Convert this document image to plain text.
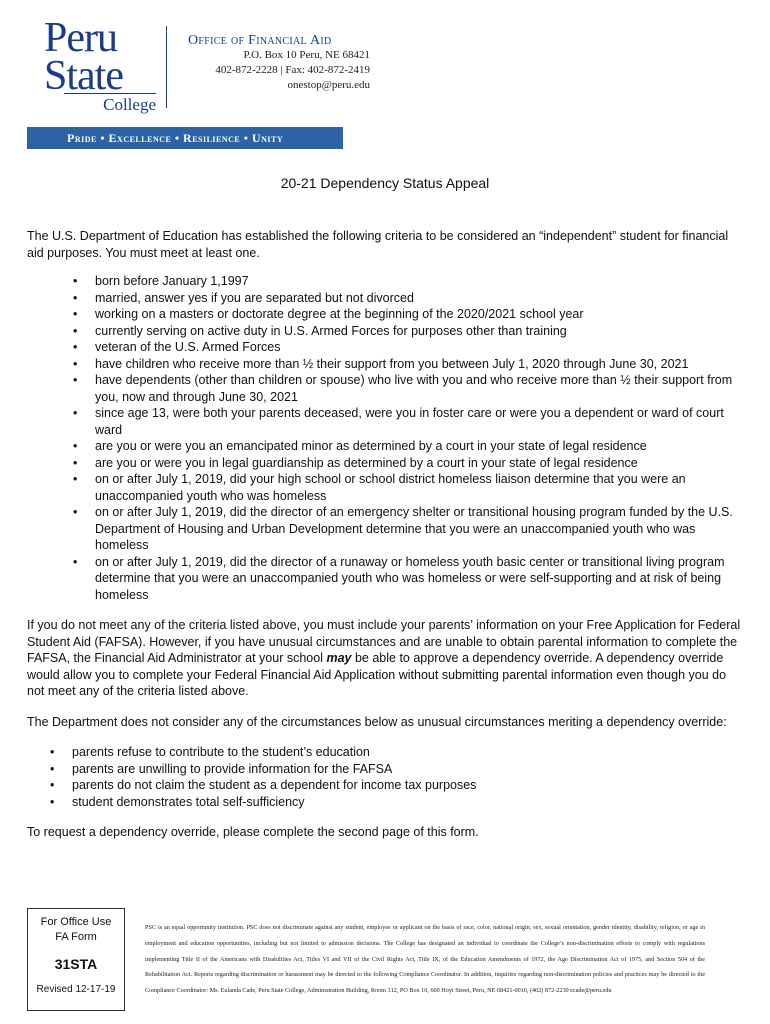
Peru
State
College
Office of Financial Aid
P.O. Box 10 Peru, NE 68421
402-872-2228 | Fax: 402-872-2419
onestop@peru.edu
Pride • Excellence • Resilience • Unity
20-21 Dependency Status Appeal

The U.S. Department of Education has established the following criteria to be considered an “independent” student for financial aid purposes. You must meet at least one.

• born before January 1,1997
• married, answer yes if you are separated but not divorced
• working on a masters or doctorate degree at the beginning of the 2020/2021 school year
• currently serving on active duty in U.S. Armed Forces for purposes other than training
• veteran of the U.S. Armed Forces
• have children who receive more than ½ their support from you between July 1, 2020 through June 30, 2021
• have dependents (other than children or spouse) who live with you and who receive more than ½ their support from you, now and through June 30, 2021
• since age 13, were both your parents deceased, were you in foster care or were you a dependent or ward of court ward
• are you or were you an emancipated minor as determined by a court in your state of legal residence
• are you or were you in legal guardianship as determined by a court in your state of legal residence
• on or after July 1, 2019, did your high school or school district homeless liaison determine that you were an unaccompanied youth who was homeless
• on or after July 1, 2019, did the director of an emergency shelter or transitional housing program funded by the U.S. Department of Housing and Urban Development determine that you were an unaccompanied youth who was homeless
• on or after July 1, 2019, did the director of a runaway or homeless youth basic center or transitional living program determine that you were an unaccompanied youth who was homeless or were self-supporting and at risk of being homeless

If you do not meet any of the criteria listed above, you must include your parents’ information on your Free Application for Federal Student Aid (FAFSA). However, if you have unusual circumstances and are unable to obtain parental information to complete the FAFSA, the Financial Aid Administrator at your school may be able to approve a dependency override. A dependency override would allow you to complete your Federal Financial Aid Application without submitting parental information even though you do not meet any of the criteria listed above.

The Department does not consider any of the circumstances below as unusual circumstances meriting a dependency override:

• parents refuse to contribute to the student’s education
• parents are unwilling to provide information for the FAFSA
• parents do not claim the student as a dependent for income tax purposes
• student demonstrates total self-sufficiency

To request a dependency override, please complete the second page of this form.

For Office Use
FA Form
31STA
Revised 12-17-19
PSC is an equal opportunity institution. PSC does not discriminate against any student, employee or applicant on the basis of race, color, national origin, sex, sexual orientation, gender identity, disability, religion, or age in employment and education opportunities, including but not limited to admission decisions. The College has designated an individual to coordinate the College’s non-discrimination efforts to comply with regulations implementing Title II of the Americans with Disabilities Act, Titles VI and VII of the Civil Rights Act, Title IX, of the Education Amendments of 1972, the Age Discrimination Act of 1975, and Section 504 of the Rehabilitation Act. Reports regarding discrimination or harassment may be directed to the following Compliance Coordinator. In addition, inquiries regarding non-discrimination policies and practices may be directed to the Compliance Coordinator: Ms. Eulanda Cade, Peru State College, Administration Building, Room 312, PO Box 10, 600 Hoyt Street, Peru, NE 68421-0010, (402) 872-2230 ecade@peru.edu
